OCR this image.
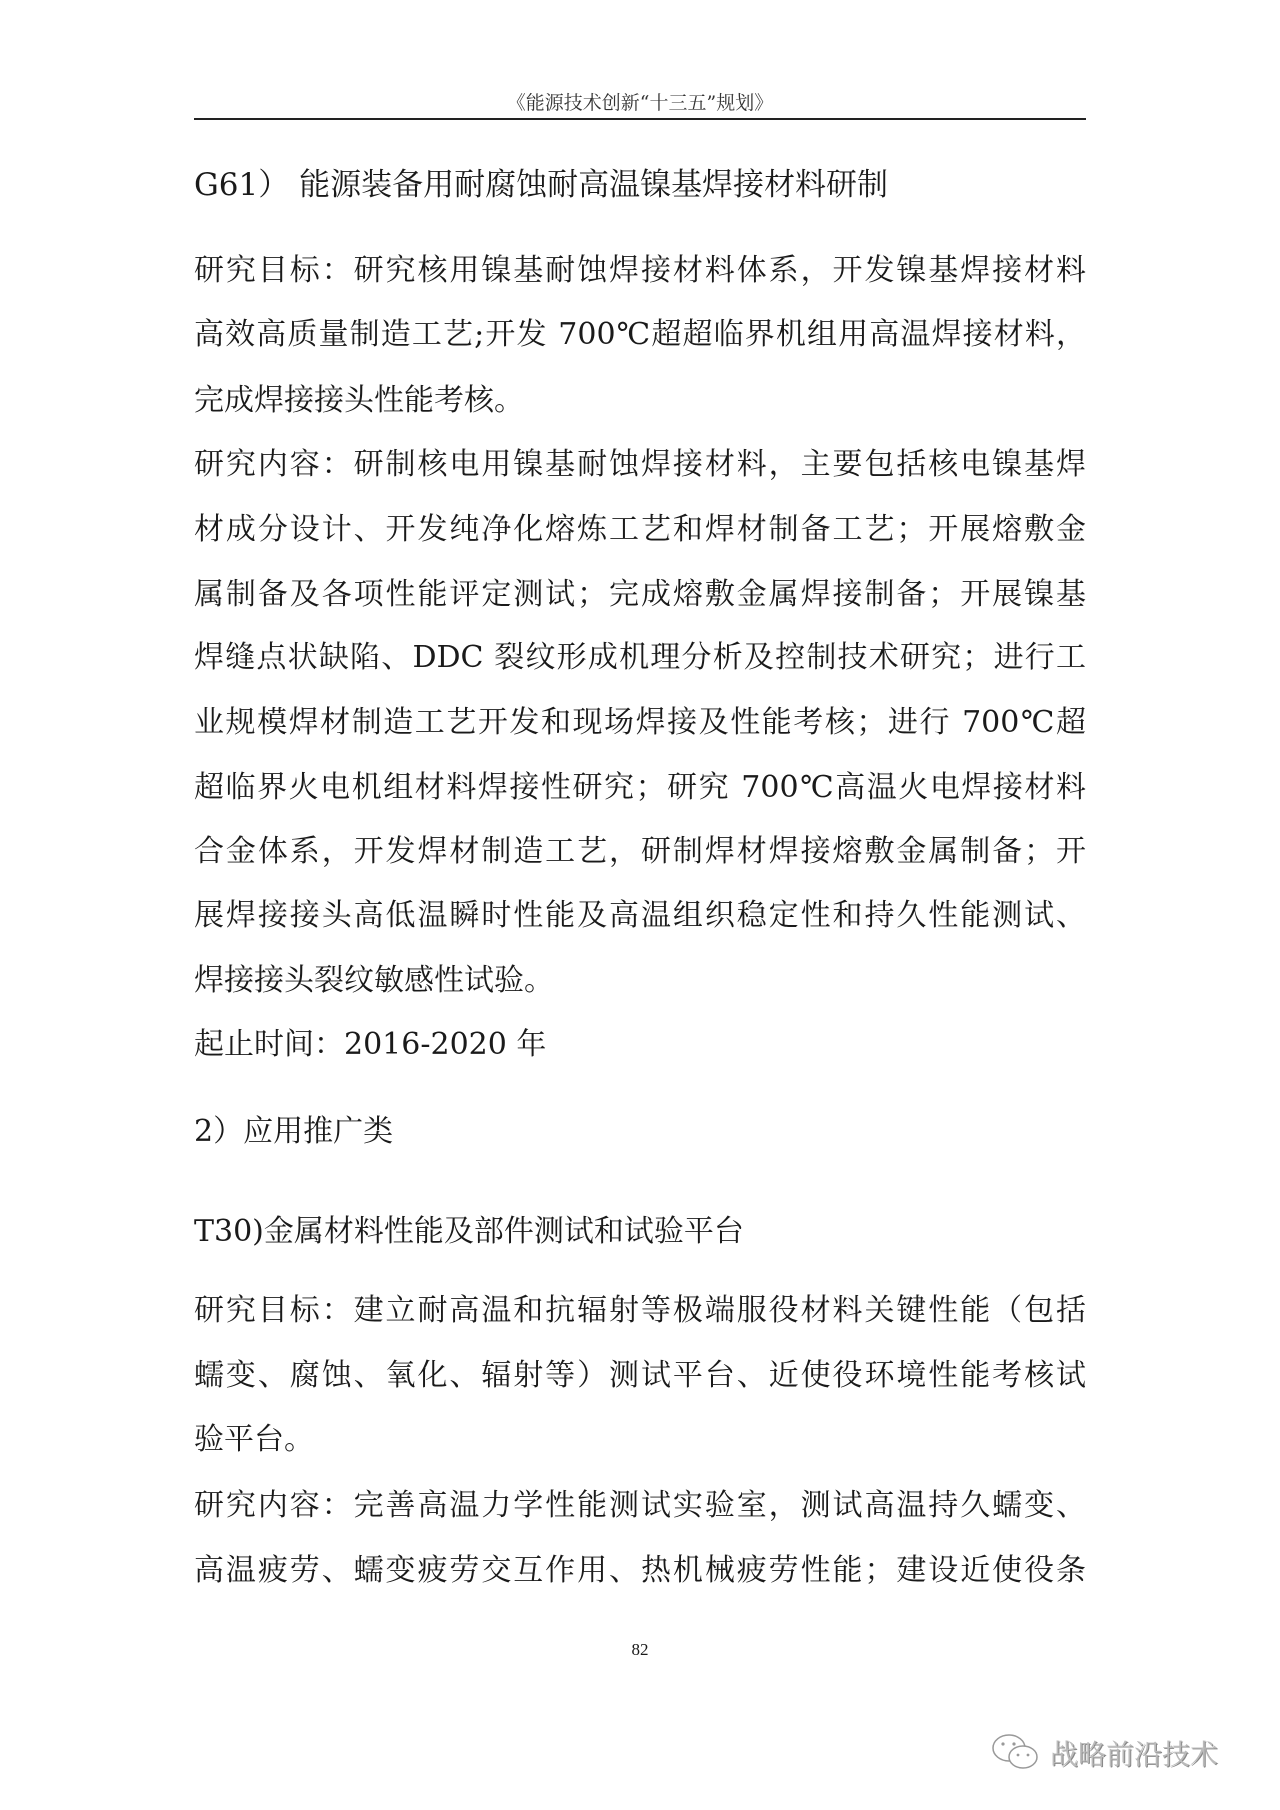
《能源技术创新“十三五”规划》
G61） 能源装备用耐腐蚀耐高温镍基焊接材料研制
研究目标：研究核用镍基耐蚀焊接材料体系，开发镍基焊接材料
高效高质量制造工艺;开发 700℃超超临界机组用高温焊接材料，
完成焊接接头性能考核。
研究内容：研制核电用镍基耐蚀焊接材料，主要包括核电镍基焊
材成分设计、开发纯净化熔炼工艺和焊材制备工艺；开展熔敷金
属制备及各项性能评定测试；完成熔敷金属焊接制备；开展镍基
焊缝点状缺陷、DDC 裂纹形成机理分析及控制技术研究；进行工
业规模焊材制造工艺开发和现场焊接及性能考核；进行 700℃超
超临界火电机组材料焊接性研究；研究 700℃高温火电焊接材料
合金体系，开发焊材制造工艺，研制焊材焊接熔敷金属制备；开
展焊接接头高低温瞬时性能及高温组织稳定性和持久性能测试、
焊接接头裂纹敏感性试验。
起止时间：2016-2020 年
2）应用推广类
T30)金属材料性能及部件测试和试验平台
研究目标：建立耐高温和抗辐射等极端服役材料关键性能（包括
蠕变、腐蚀、氧化、辐射等）测试平台、近使役环境性能考核试
验平台。
研究内容：完善高温力学性能测试实验室，测试高温持久蠕变、
高温疲劳、蠕变疲劳交互作用、热机械疲劳性能；建设近使役条
82
战略前沿技术
